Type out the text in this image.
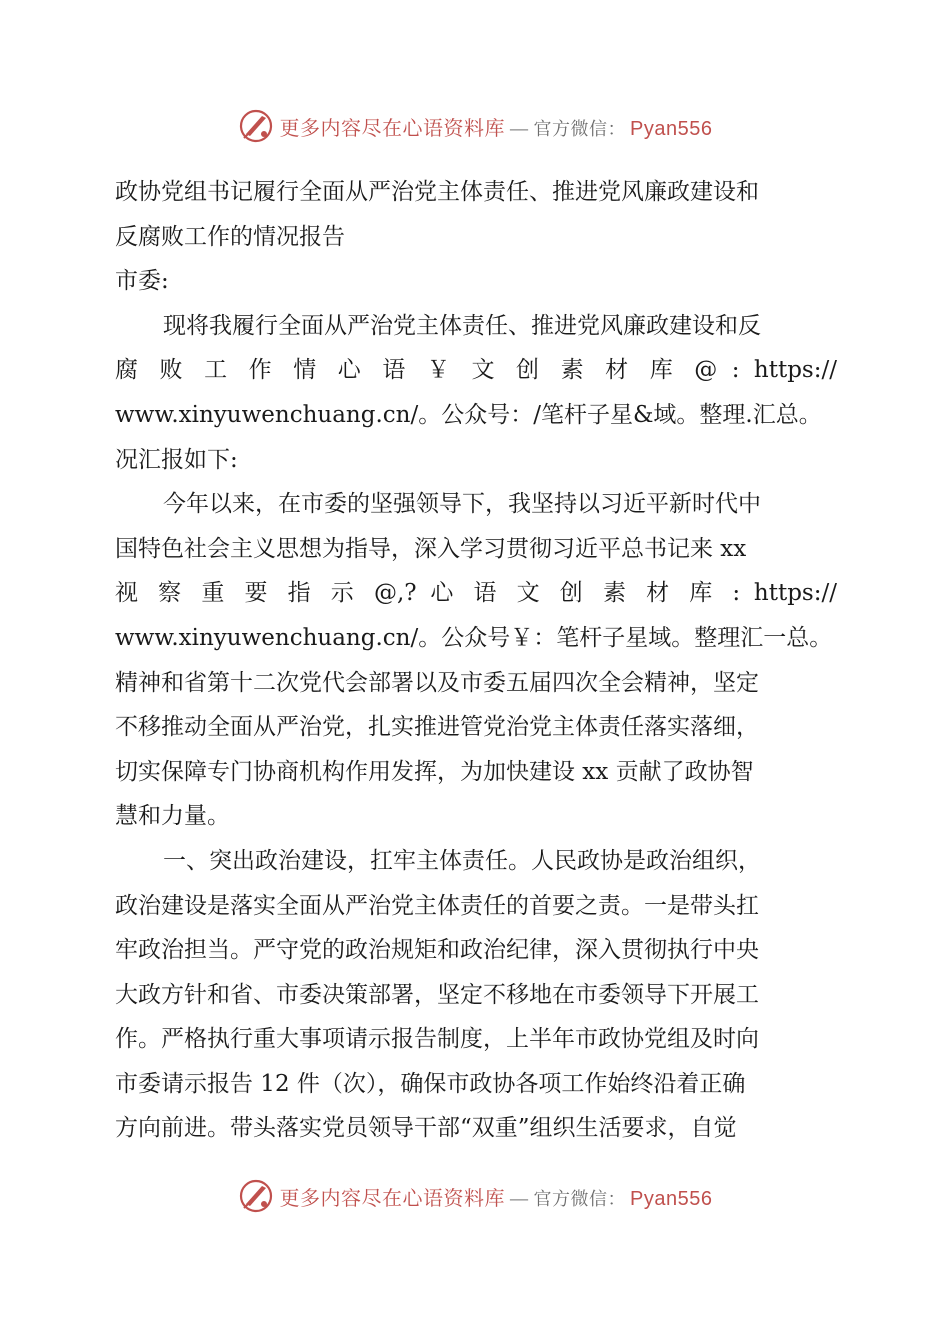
更多内容尽在心语资料库 — 官方微信： Pyan556
政协党组书记履行全面从严治党主体责任、推进党风廉政建设和
反腐败工作的情况报告
市委:
现将我履行全面从严治党主体责任、推进党风廉政建设和反
腐 败 工 作 情 心 语 ￥ 文 创 素 材 库 @ : https://
www.xinyuwenchuang.cn/。公众号：/笔杆子星&域。整理.汇总。
况汇报如下:
今年以来，在市委的坚强领导下，我坚持以习近平新时代中
国特色社会主义思想为指导，深入学习贯彻习近平总书记来 xx
视 察 重 要 指 示 @,? 心 语 文 创 素 材 库 : https://
www.xinyuwenchuang.cn/。公众号￥：笔杆子星域。整理汇一总。
精神和省第十二次党代会部署以及市委五届四次全会精神，坚定
不移推动全面从严治党，扎实推进管党治党主体责任落实落细，
切实保障专门协商机构作用发挥，为加快建设 xx 贡献了政协智
慧和力量。
一、突出政治建设，扛牢主体责任。人民政协是政治组织，
政治建设是落实全面从严治党主体责任的首要之责。一是带头扛
牢政治担当。严守党的政治规矩和政治纪律，深入贯彻执行中央
大政方针和省、市委决策部署，坚定不移地在市委领导下开展工
作。严格执行重大事项请示报告制度，上半年市政协党组及时向
市委请示报告 12 件（次），确保市政协各项工作始终沿着正确
方向前进。带头落实党员领导干部“双重”组织生活要求，自觉
更多内容尽在心语资料库 — 官方微信： Pyan556
